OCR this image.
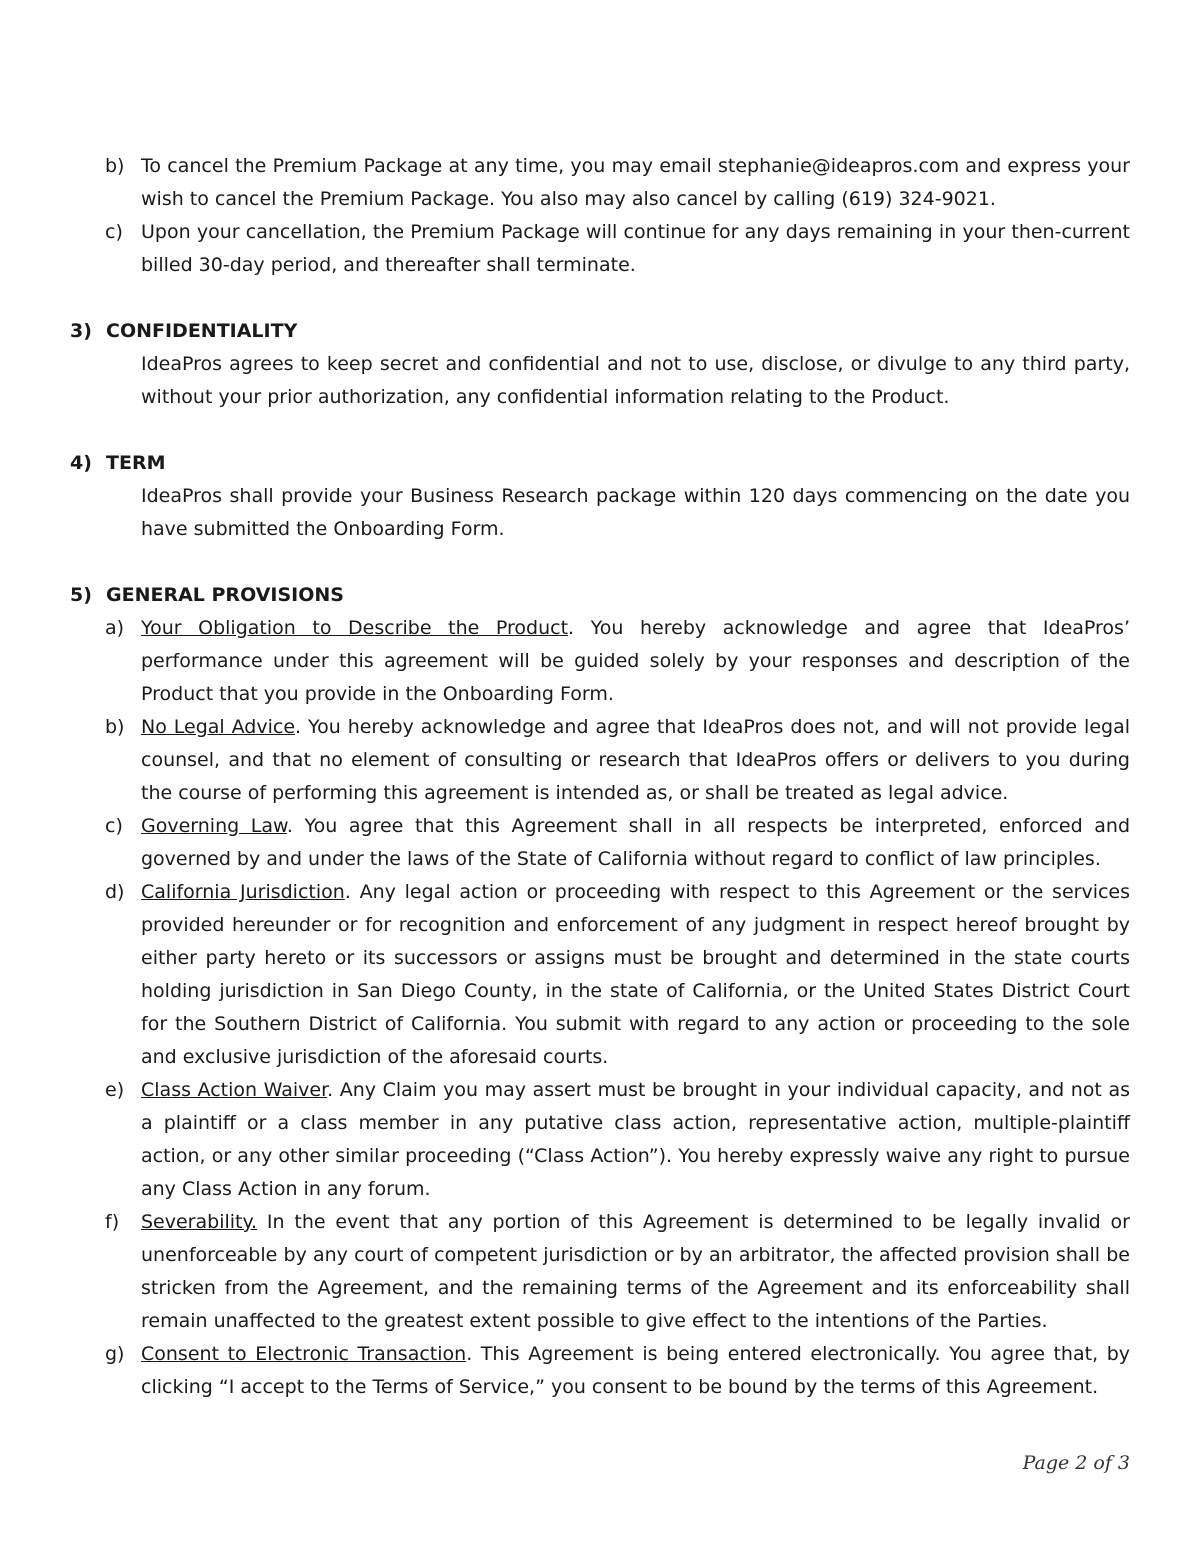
b) To cancel the Premium Package at any time, you may email stephanie@ideapros.com and express your wish to cancel the Premium Package. You also may also cancel by calling (619) 324-9021.
c) Upon your cancellation, the Premium Package will continue for any days remaining in your then-current billed 30-day period, and thereafter shall terminate.
3) CONFIDENTIALITY
IdeaPros agrees to keep secret and confidential and not to use, disclose, or divulge to any third party, without your prior authorization, any confidential information relating to the Product.
4) TERM
IdeaPros shall provide your Business Research package within 120 days commencing on the date you have submitted the Onboarding Form.
5) GENERAL PROVISIONS
a) Your Obligation to Describe the Product. You hereby acknowledge and agree that IdeaPros’ performance under this agreement will be guided solely by your responses and description of the Product that you provide in the Onboarding Form.
b) No Legal Advice. You hereby acknowledge and agree that IdeaPros does not, and will not provide legal counsel, and that no element of consulting or research that IdeaPros offers or delivers to you during the course of performing this agreement is intended as, or shall be treated as legal advice.
c) Governing Law. You agree that this Agreement shall in all respects be interpreted, enforced and governed by and under the laws of the State of California without regard to conflict of law principles.
d) California Jurisdiction. Any legal action or proceeding with respect to this Agreement or the services provided hereunder or for recognition and enforcement of any judgment in respect hereof brought by either party hereto or its successors or assigns must be brought and determined in the state courts holding jurisdiction in San Diego County, in the state of California, or the United States District Court for the Southern District of California. You submit with regard to any action or proceeding to the sole and exclusive jurisdiction of the aforesaid courts.
e) Class Action Waiver. Any Claim you may assert must be brought in your individual capacity, and not as a plaintiff or a class member in any putative class action, representative action, multiple-plaintiff action, or any other similar proceeding (“Class Action”). You hereby expressly waive any right to pursue any Class Action in any forum.
f)	Severability. In the event that any portion of this Agreement is determined to be legally invalid or unenforceable by any court of competent jurisdiction or by an arbitrator, the affected provision shall be stricken from the Agreement, and the remaining terms of the Agreement and its enforceability shall remain unaffected to the greatest extent possible to give effect to the intentions of the Parties.
g) Consent to Electronic Transaction. This Agreement is being entered electronically. You agree that, by clicking “I accept to the Terms of Service,” you consent to be bound by the terms of this Agreement.
Page 2 of 3
